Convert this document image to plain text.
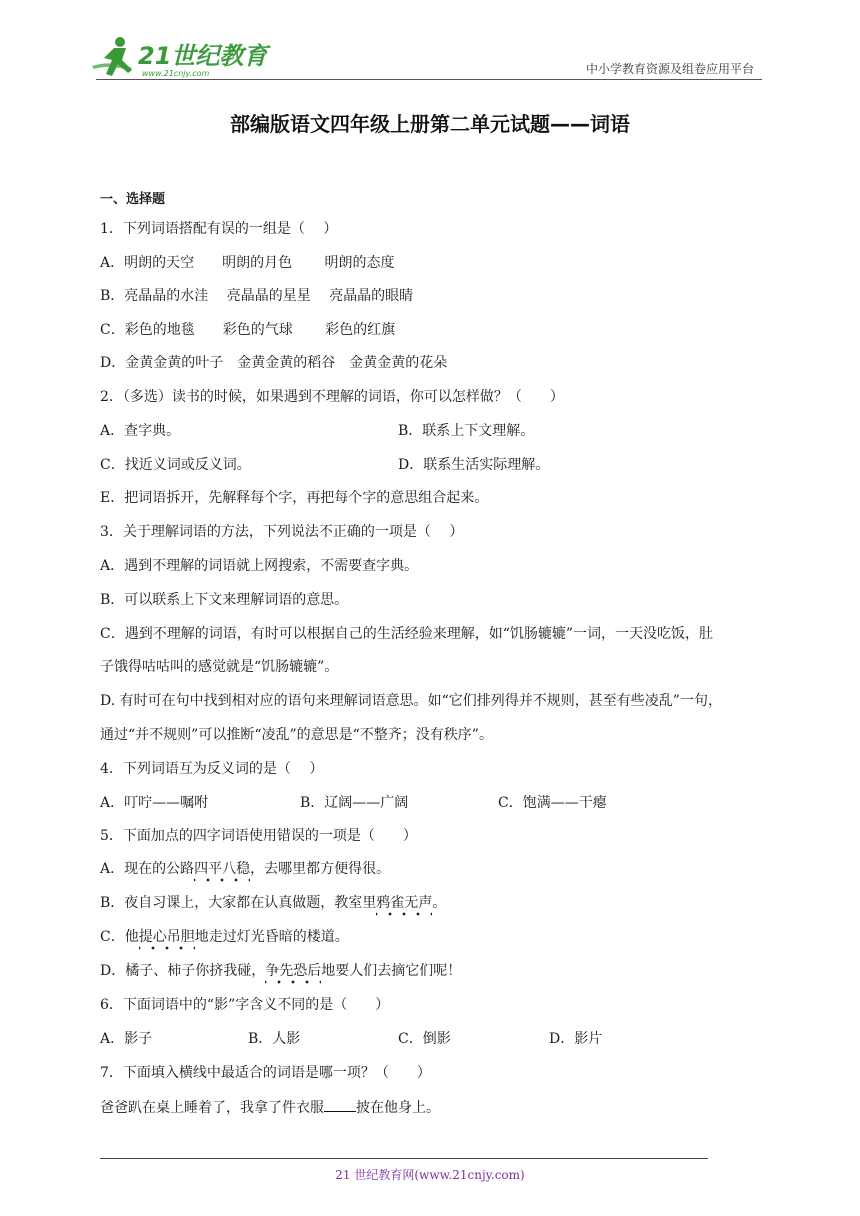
21世纪教育
www.21cnjy.com	中小学教育资源及组卷应用平台
部编版语文四年级上册第二单元试题——词语
一、选择题
1．下列词语搭配有误的一组是（　 ）
A．明朗的天空　　明朗的月色　　 明朗的态度
B．亮晶晶的水洼　 亮晶晶的星星　 亮晶晶的眼睛
C．彩色的地毯　　彩色的气球　　 彩色的红旗
D．金黄金黄的叶子　金黄金黄的稻谷　金黄金黄的花朵
2．（多选）读书的时候，如果遇到不理解的词语，你可以怎样做？（　　）
A．查字典。	B．联系上下文理解。
C．找近义词或反义词。	D．联系生活实际理解。
E．把词语拆开，先解释每个字，再把每个字的意思组合起来。
3．关于理解词语的方法，下列说法不正确的一项是（　 ）
A．遇到不理解的词语就上网搜索，不需要查字典。
B．可以联系上下文来理解词语的意思。
C．遇到不理解的词语，有时可以根据自己的生活经验来理解，如“饥肠辘辘”一词，一天没吃饭，肚
子饿得咕咕叫的感觉就是“饥肠辘辘”。
D. 有时可在句中找到相对应的语句来理解词语意思。如“它们排列得并不规则，甚至有些凌乱”一句，
通过“并不规则”可以推断“凌乱”的意思是“不整齐；没有秩序”。
4．下列词语互为反义词的是（　 ）
A．叮咛——嘱咐	B．辽阔——广阔	C．饱满——干瘪
5．下面加点的四字词语使用错误的一项是（　　）
A．现在的公路四平八稳，去哪里都方便得很。
B．夜自习课上，大家都在认真做题，教室里鸦雀无声。
C．他提心吊胆地走过灯光昏暗的楼道。
D．橘子、柿子你挤我碰，争先恐后地要人们去摘它们呢！
6．下面词语中的“影”字含义不同的是（　　）
A．影子	B．人影	C．倒影	D．影片
7．下面填入横线中最适合的词语是哪一项？（　　）
爸爸趴在桌上睡着了，我拿了件衣服 披在他身上。
21 世纪教育网(www.21cnjy.com)
